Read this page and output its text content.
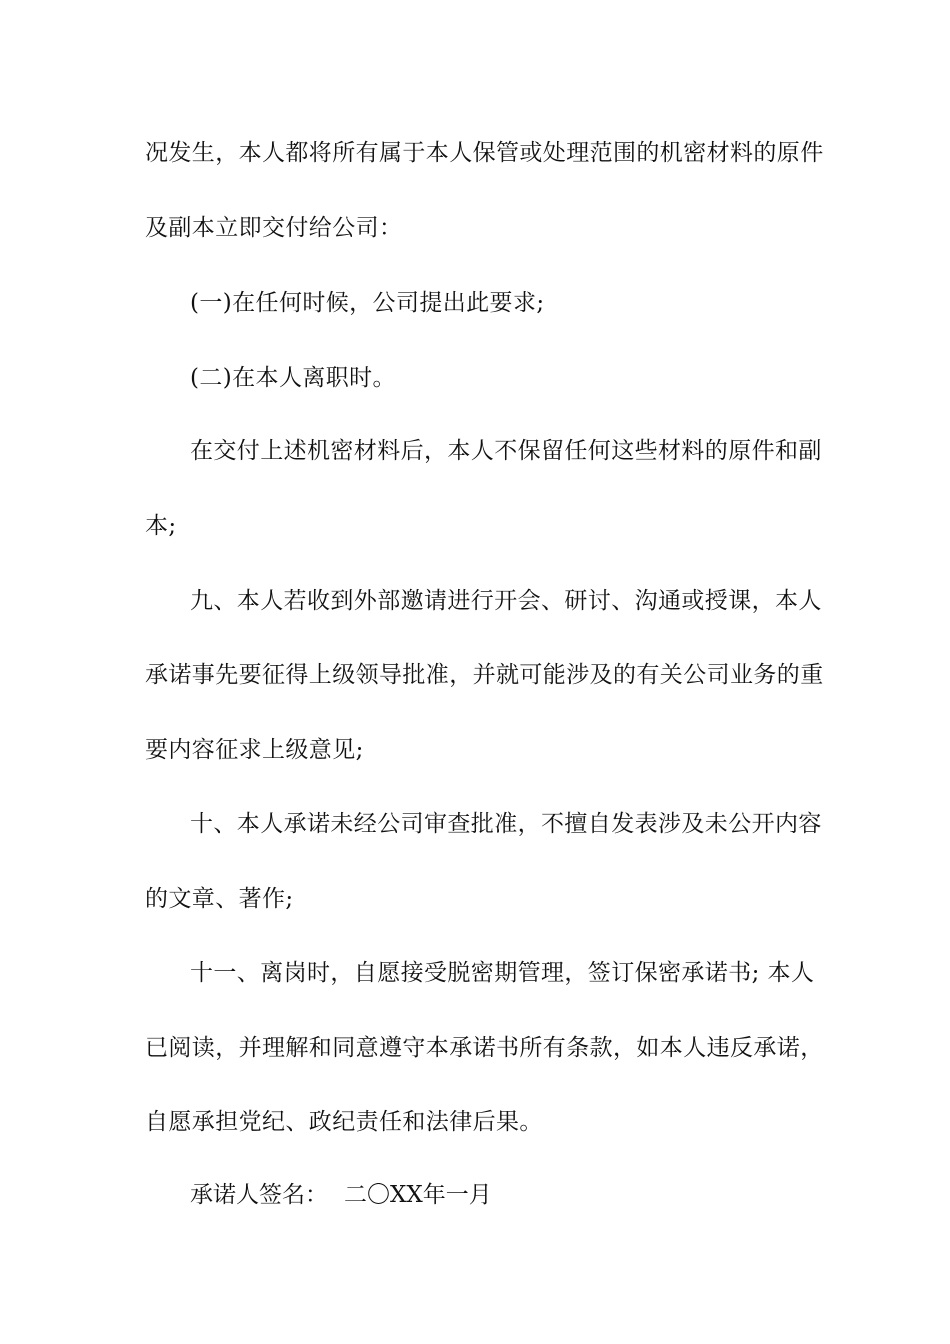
况发生，本人都将所有属于本人保管或处理范围的机密材料的原件
及副本立即交付给公司：
(一)在任何时候，公司提出此要求;
(二)在本人离职时。
在交付上述机密材料后，本人不保留任何这些材料的原件和副
本;
九、本人若收到外部邀请进行开会、研讨、沟通或授课，本人
承诺事先要征得上级领导批准，并就可能涉及的有关公司业务的重
要内容征求上级意见;
十、本人承诺未经公司审查批准，不擅自发表涉及未公开内容
的文章、著作;
十一、离岗时，自愿接受脱密期管理，签订保密承诺书; 本人
已阅读，并理解和同意遵守本承诺书所有条款，如本人违反承诺，
自愿承担党纪、政纪责任和法律后果。
承诺人签名： 二〇XX年一月
